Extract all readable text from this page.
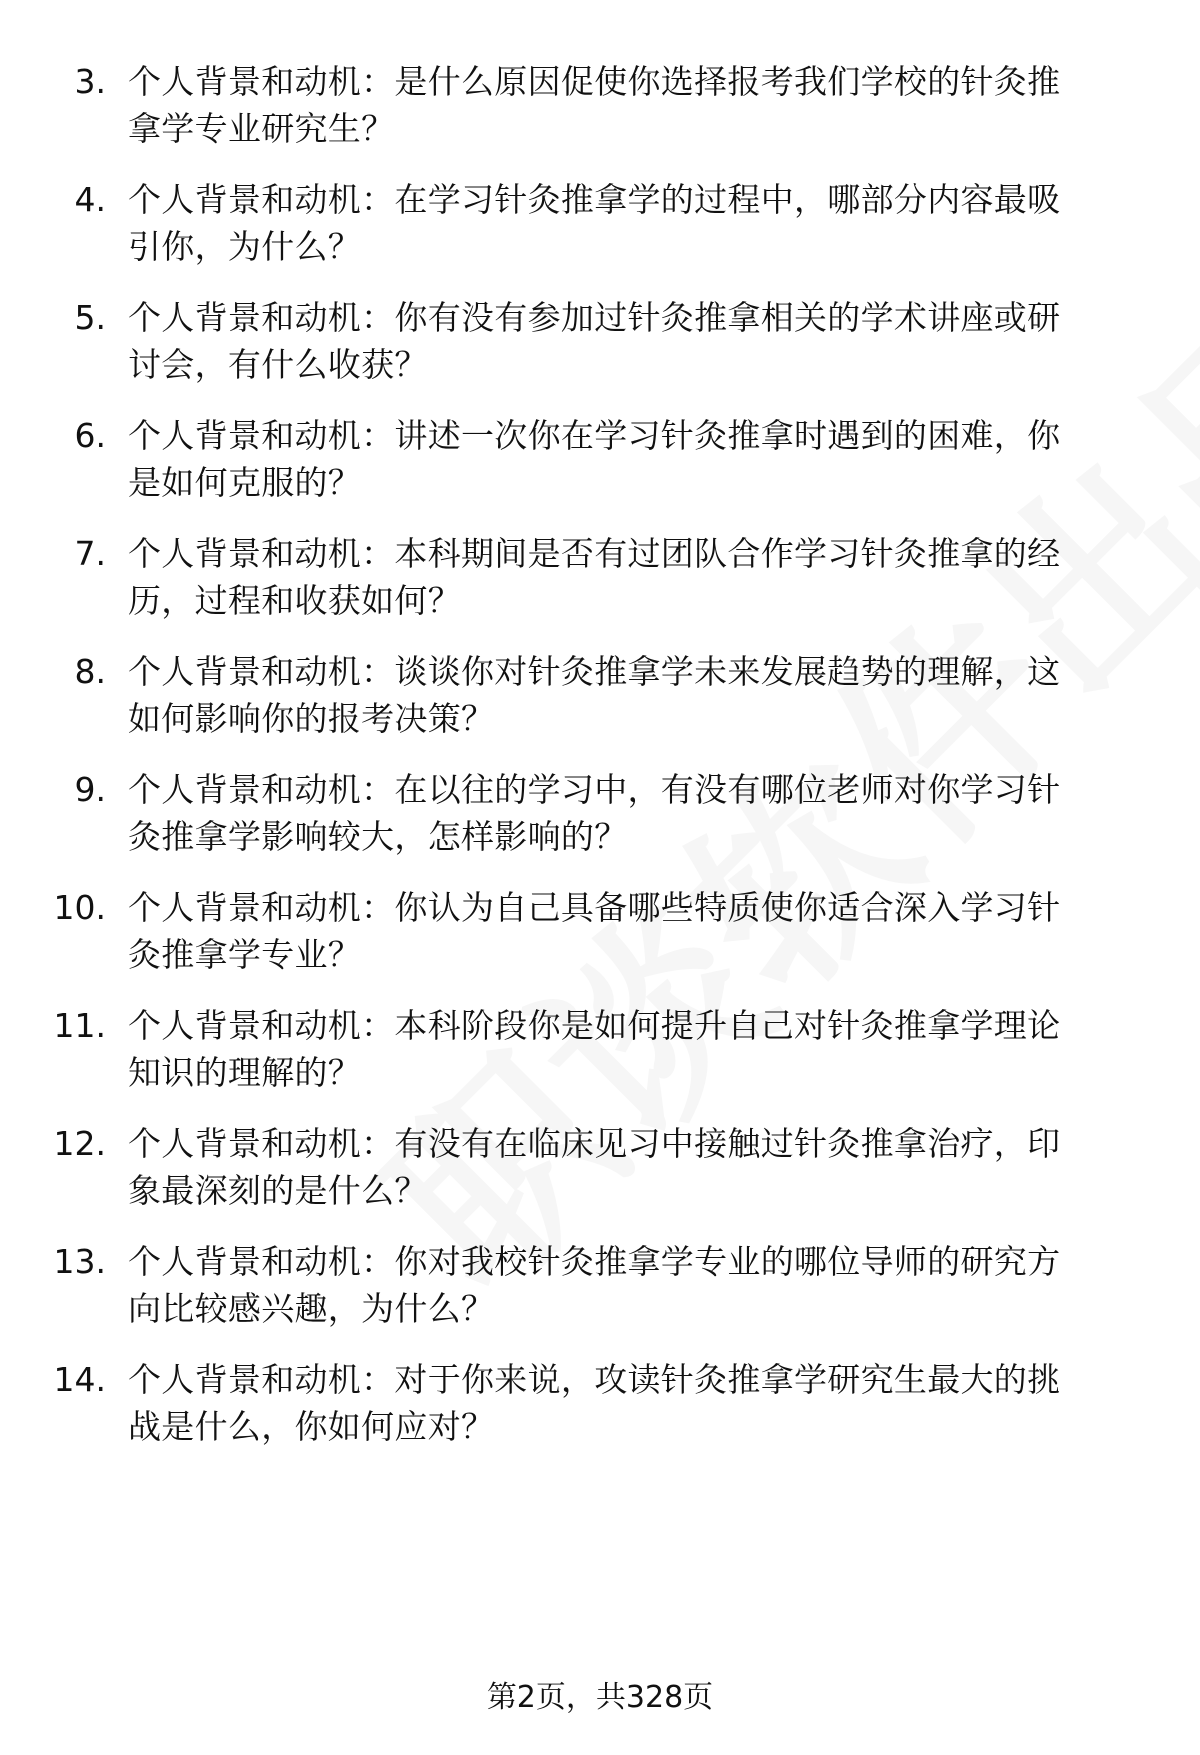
3. 个人背景和动机：是什么原因促使你选择报考我们学校的针灸推
拿学专业研究生？
4. 个人背景和动机：在学习针灸推拿学的过程中，哪部分内容最吸
引你，为什么？
5. 个人背景和动机：你有没有参加过针灸推拿相关的学术讲座或研
讨会，有什么收获？
6. 个人背景和动机：讲述一次你在学习针灸推拿时遇到的困难，你
是如何克服的？
7. 个人背景和动机：本科期间是否有过团队合作学习针灸推拿的经
历，过程和收获如何？
8. 个人背景和动机：谈谈你对针灸推拿学未来发展趋势的理解，这
如何影响你的报考决策？
9. 个人背景和动机：在以往的学习中，有没有哪位老师对你学习针
灸推拿学影响较大，怎样影响的？
10. 个人背景和动机：你认为自己具备哪些特质使你适合深入学习针
灸推拿学专业？
11. 个人背景和动机：本科阶段你是如何提升自己对针灸推拿学理论
知识的理解的？
12. 个人背景和动机：有没有在临床见习中接触过针灸推拿治疗，印
象最深刻的是什么？
13. 个人背景和动机：你对我校针灸推拿学专业的哪位导师的研究方
向比较感兴趣，为什么？
14. 个人背景和动机：对于你来说，攻读针灸推拿学研究生最大的挑
战是什么，你如何应对？
第2页，共328页
